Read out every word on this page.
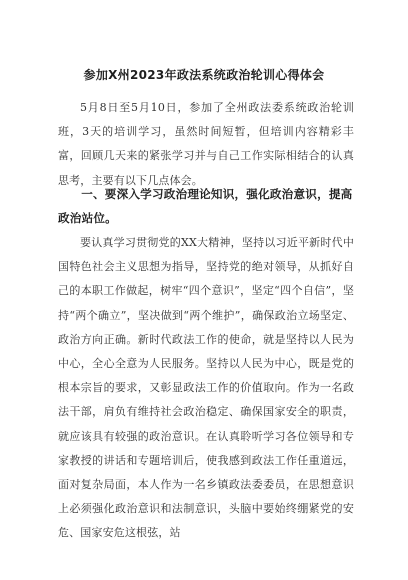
参加X州2023年政法系统政治轮训心得体会

5月8日至5月10日，参加了全州政法委系统政治轮训班，3天的培训学习，虽然时间短暂，但培训内容精彩丰富，回顾几天来的紧张学习并与自己工作实际相结合的认真思考，主要有以下几点体会。

一、要深入学习政治理论知识，强化政治意识，提高政治站位。

要认真学习贯彻党的XX大精神，坚持以习近平新时代中国特色社会主义思想为指导，坚持党的绝对领导，从抓好自己的本职工作做起，树牢“四个意识”，坚定“四个自信”，坚持“两个确立”，坚决做到“两个维护”，确保政治立场坚定、政治方向正确。新时代政法工作的使命，就是坚持以人民为中心，全心全意为人民服务。坚持以人民为中心，既是党的根本宗旨的要求，又彰显政法工作的价值取向。作为一名政法干部，肩负有维持社会政治稳定、确保国家安全的职责，就应该具有较强的政治意识。在认真聆听学习各位领导和专家教授的讲话和专题培训后，使我感到政法工作任重道远，面对复杂局面，本人作为一名乡镇政法委委员，在思想意识上必须强化政治意识和法制意识，头脑中要始终绷紧党的安危、国家安危这根弦，站
